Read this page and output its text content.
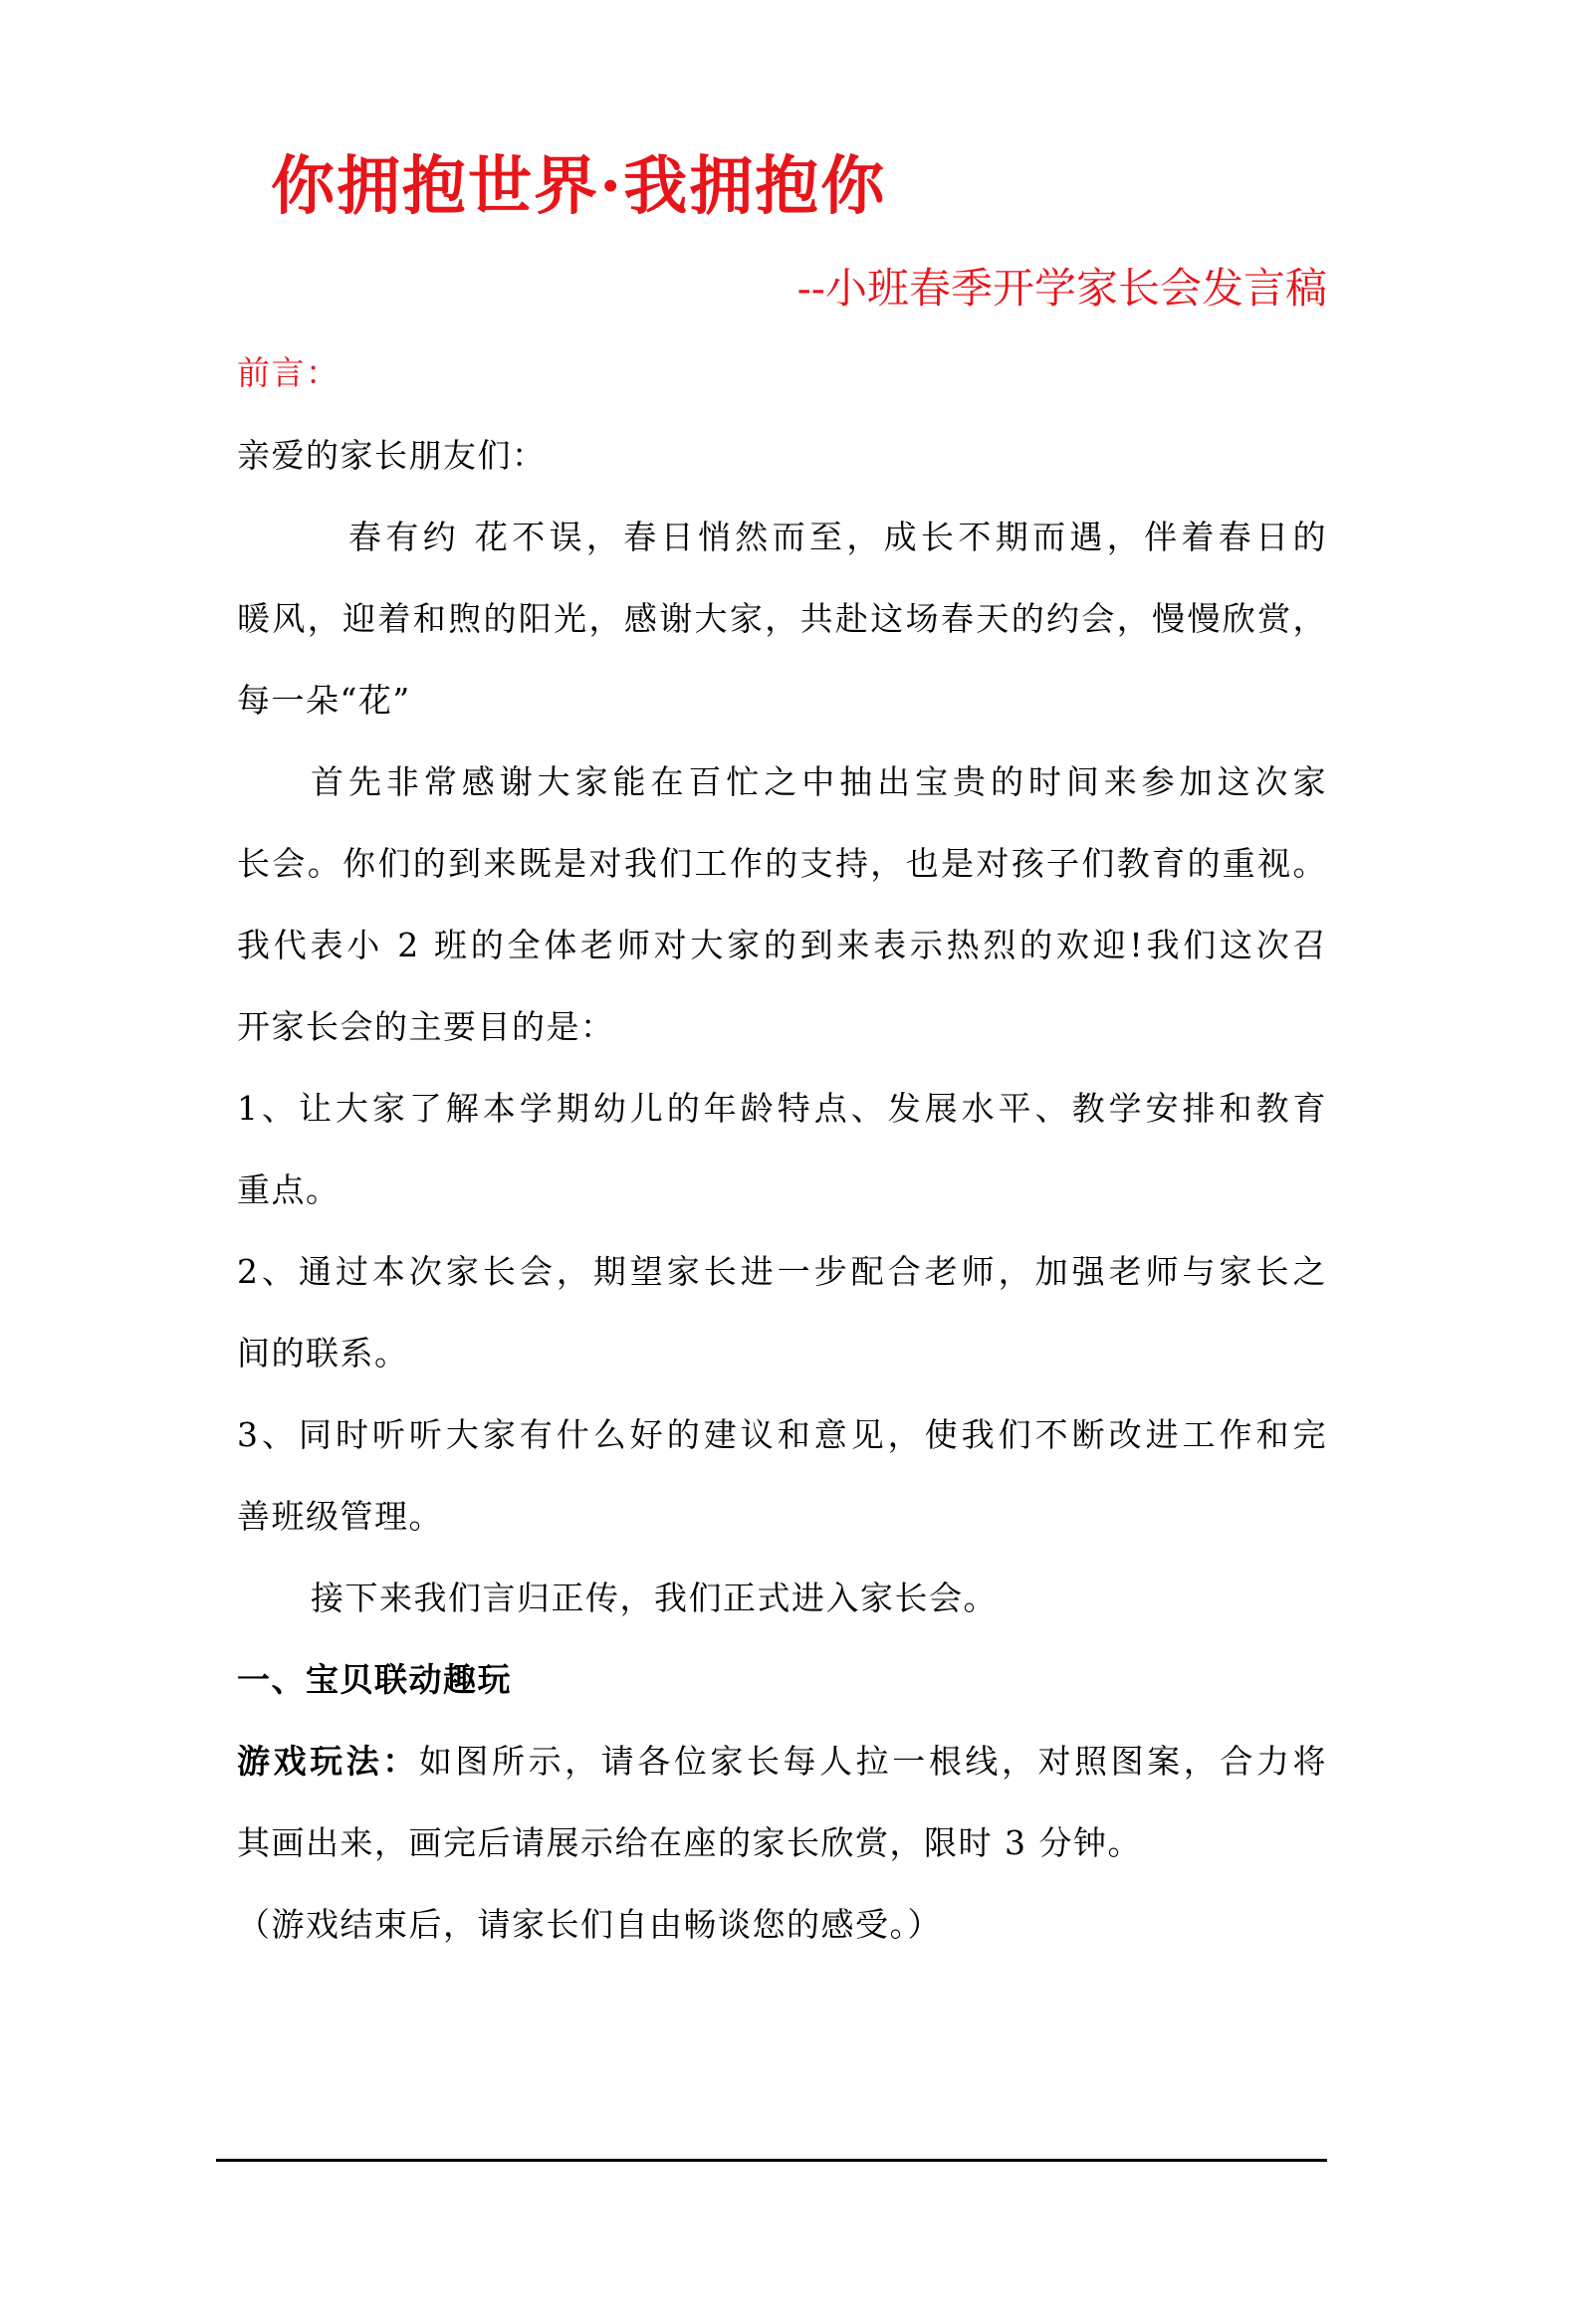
你拥抱世界·我拥抱你
--小班春季开学家长会发言稿
前言：
亲爱的家长朋友们：
春有约 花不误，春日悄然而至，成长不期而遇，伴着春日的
暖风，迎着和煦的阳光，感谢大家，共赴这场春天的约会，慢慢欣赏，
每一朵“花”
首先非常感谢大家能在百忙之中抽出宝贵的时间来参加这次家
长会。你们的到来既是对我们工作的支持，也是对孩子们教育的重视。
我代表小 2 班的全体老师对大家的到来表示热烈的欢迎!我们这次召
开家长会的主要目的是：
1、让大家了解本学期幼儿的年龄特点、发展水平、教学安排和教育
重点。
2、通过本次家长会，期望家长进一步配合老师，加强老师与家长之
间的联系。
3、同时听听大家有什么好的建议和意见，使我们不断改进工作和完
善班级管理。
接下来我们言归正传，我们正式进入家长会。
一、宝贝联动趣玩
游戏玩法：如图所示，请各位家长每人拉一根线，对照图案，合力将
其画出来，画完后请展示给在座的家长欣赏，限时 3 分钟。
（游戏结束后，请家长们自由畅谈您的感受。）
